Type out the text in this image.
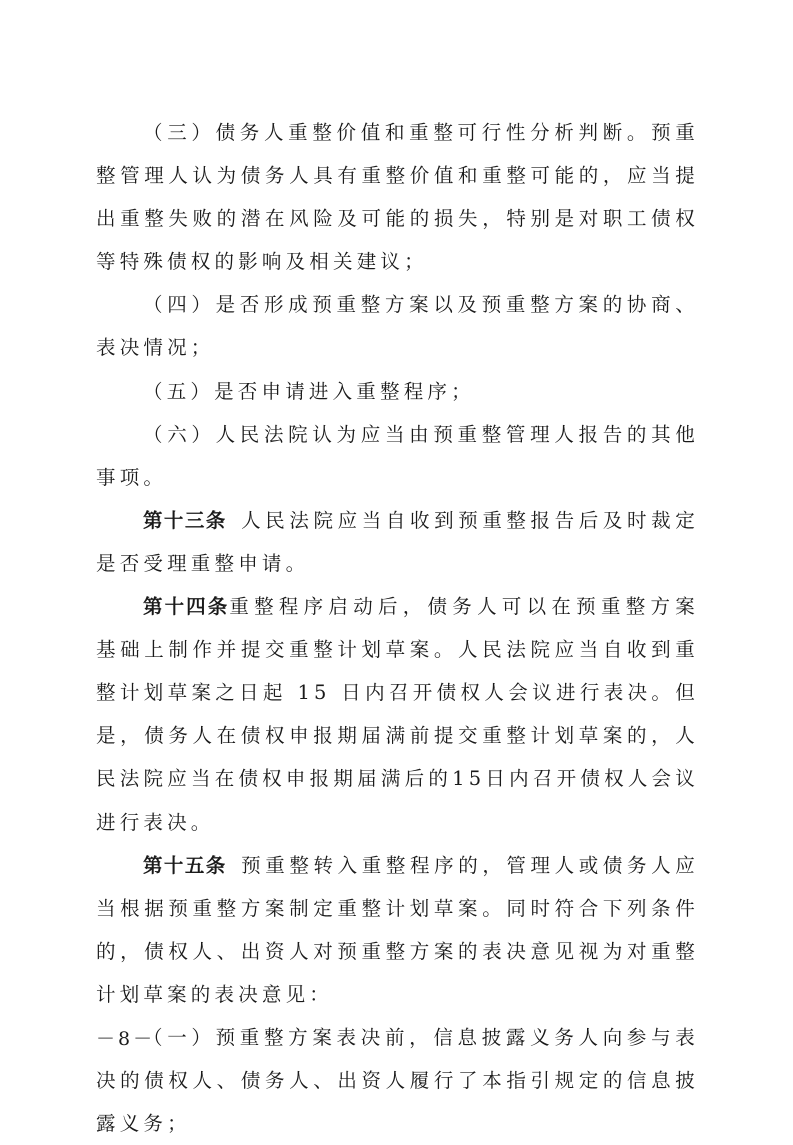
（三）债务人重整价值和重整可行性分析判断。预重整管理人认为债务人具有重整价值和重整可能的，应当提出重整失败的潜在风险及可能的损失，特别是对职工债权等特殊债权的影响及相关建议；

（四）是否形成预重整方案以及预重整方案的协商、表决情况；

（五）是否申请进入重整程序；

（六）人民法院认为应当由预重整管理人报告的其他事项。

第十三条 人民法院应当自收到预重整报告后及时裁定是否受理重整申请。

第十四条重整程序启动后，债务人可以在预重整方案基础上制作并提交重整计划草案。人民法院应当自收到重整计划草案之日起 15 日内召开债权人会议进行表决。但是，债务人在债权申报期届满前提交重整计划草案的，人民法院应当在债权申报期届满后的15日内召开债权人会议进行表决。

第十五条 预重整转入重整程序的，管理人或债务人应当根据预重整方案制定重整计划草案。同时符合下列条件的，债权人、出资人对预重整方案的表决意见视为对重整计划草案的表决意见：

（一）预重整方案表决前，信息披露义务人向参与表决的债权人、债务人、出资人履行了本指引规定的信息披露义务；

－8－
